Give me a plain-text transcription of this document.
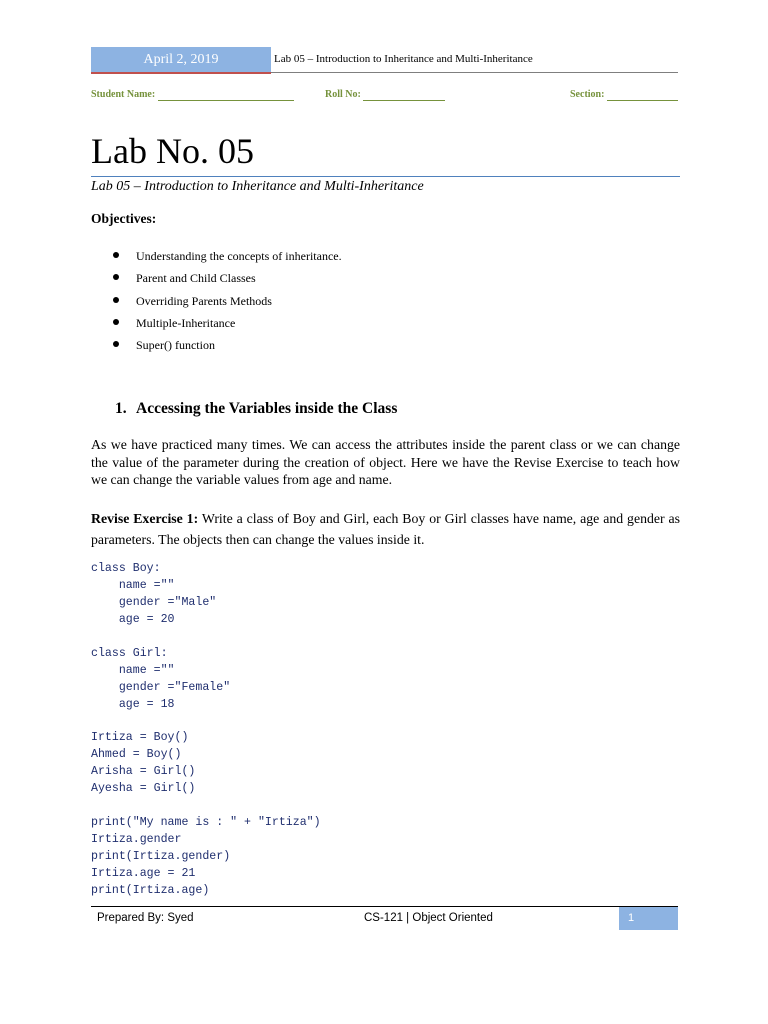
April 2, 2019	Lab 05 – Introduction to Inheritance and Multi-Inheritance
Student Name:	Roll No:	Section:
Lab No. 05
Lab 05 – Introduction to Inheritance and Multi-Inheritance
Objectives:
Understanding the concepts of inheritance.
Parent and Child Classes
Overriding Parents Methods
Multiple-Inheritance
Super() function
1. Accessing the Variables inside the Class
As we have practiced many times. We can access the attributes inside the parent class or we can change the value of the parameter during the creation of object. Here we have the Revise Exercise to teach how we can change the variable values from age and name.
Revise Exercise 1: Write a class of Boy and Girl, each Boy or Girl classes have name, age and gender as parameters. The objects then can change the values inside it.
class Boy:
name =""
gender ="Male"
age = 20
class Girl:
name =""
gender ="Female"
age = 18
Irtiza = Boy()
Ahmed = Boy()
Arisha = Girl()
Ayesha = Girl()
print("My name is : " + "Irtiza")
Irtiza.gender
print(Irtiza.gender)
Irtiza.age = 21
print(Irtiza.age)
Prepared By: Syed	CS-121 | Object Oriented	1
